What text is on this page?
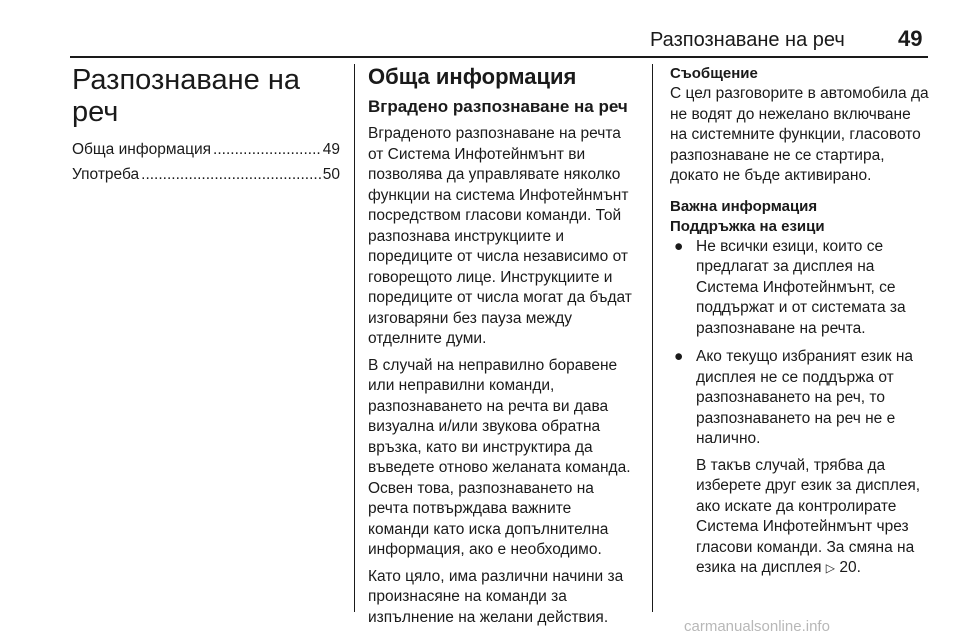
Разпознаване на реч 49
Разпознаване на реч
Обща информация .....	49
Употреба .....	50
Обща информация
Вградено разпознаване на реч

Вграденото разпознаване на речта от Система Инфотейнмънт ви позволява да управлявате няколко функции на система Инфотейнмънт посредством гласови команди. Той разпознава инструкциите и поредиците от числа независимо от говорещото лице. Инструкциите и поредиците от числа могат да бъдат изговаряни без пауза между отделните думи.

В случай на неправилно боравене или неправилни команди, разпознаването на речта ви дава визуална и/или звукова обратна връзка, като ви инструктира да въведете отново желаната команда. Освен това, разпознаването на речта потвърждава важните команди като иска допълнителна информация, ако е необходимо.

Като цяло, има различни начини за произнасяне на команди за изпълнение на желани действия.

Съобщение

С цел разговорите в автомобила да не водят до нежелано включване на системните функции, гласовото разпознаване не се стартира, докато не бъде активирано.

Важна информация
Поддръжка на езици
● Не всички езици, които се предлагат за дисплея на Система Инфотейнмънт, се поддържат и от системата за разпознаване на речта.
● Ако текущо избраният език на дисплея не се поддържа от разпознаването на реч, то разпознаването на реч не е налично.
В такъв случай, трябва да изберете друг език за дисплея, ако искате да контролирате Система Инфотейнмънт чрез гласови команди. За смяна на езика на дисплея ▷ 20.
carmanualsonline.info
